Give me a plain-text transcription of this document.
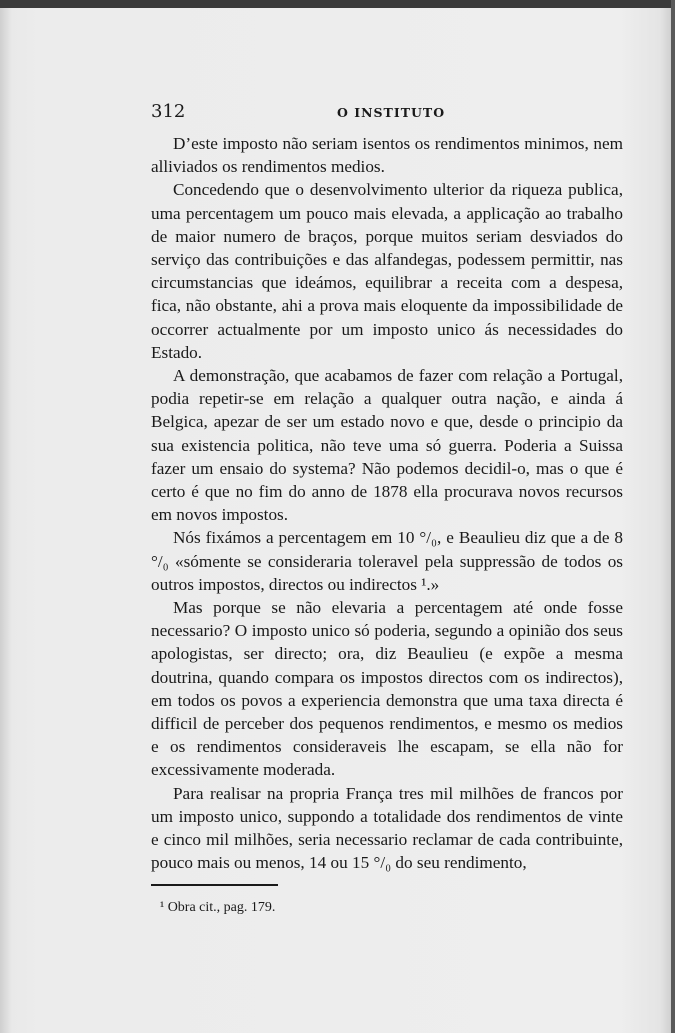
312	O INSTITUTO

D’este imposto não seriam isentos os rendimentos minimos, nem alliviados os rendimentos medios.

Concedendo que o desenvolvimento ulterior da riqueza publica, uma percentagem um pouco mais elevada, a applicação ao trabalho de maior numero de braços, porque muitos seriam desviados do serviço das contribuições e das alfandegas, podessem permittir, nas circumstancias que ideámos, equilibrar a receita com a despesa, fica, não obstante, ahi a prova mais eloquente da impossibilidade de occorrer actualmente por um imposto unico ás necessidades do Estado.

A demonstração, que acabamos de fazer com relação a Portugal, podia repetir-se em relação a qualquer outra nação, e ainda á Belgica, apezar de ser um estado novo e que, desde o principio da sua existencia politica, não teve uma só guerra. Poderia a Suissa fazer um ensaio do systema? Não podemos decidil-o, mas o que é certo é que no fim do anno de 1878 ella procurava novos recursos em novos impostos.

Nós fixámos a percentagem em 10 °/₀, e Beaulieu diz que a de 8 °/₀ «sómente se consideraria toleravel pela suppressão de todos os outros impostos, directos ou indirectos ¹.»

Mas porque se não elevaria a percentagem até onde fosse necessario? O imposto unico só poderia, segundo a opinião dos seus apologistas, ser directo; ora, diz Beaulieu (e expõe a mesma doutrina, quando compara os impostos directos com os indirectos), em todos os povos a experiencia demonstra que uma taxa directa é difficil de perceber dos pequenos rendimentos, e mesmo os medios e os rendimentos consideraveis lhe escapam, se ella não for excessivamente moderada.

Para realisar na propria França tres mil milhões de francos por um imposto unico, suppondo a totalidade dos rendimentos de vinte e cinco mil milhões, seria necessario reclamar de cada contribuinte, pouco mais ou menos, 14 ou 15 °/₀ do seu rendimento,

¹ Obra cit., pag. 179.
